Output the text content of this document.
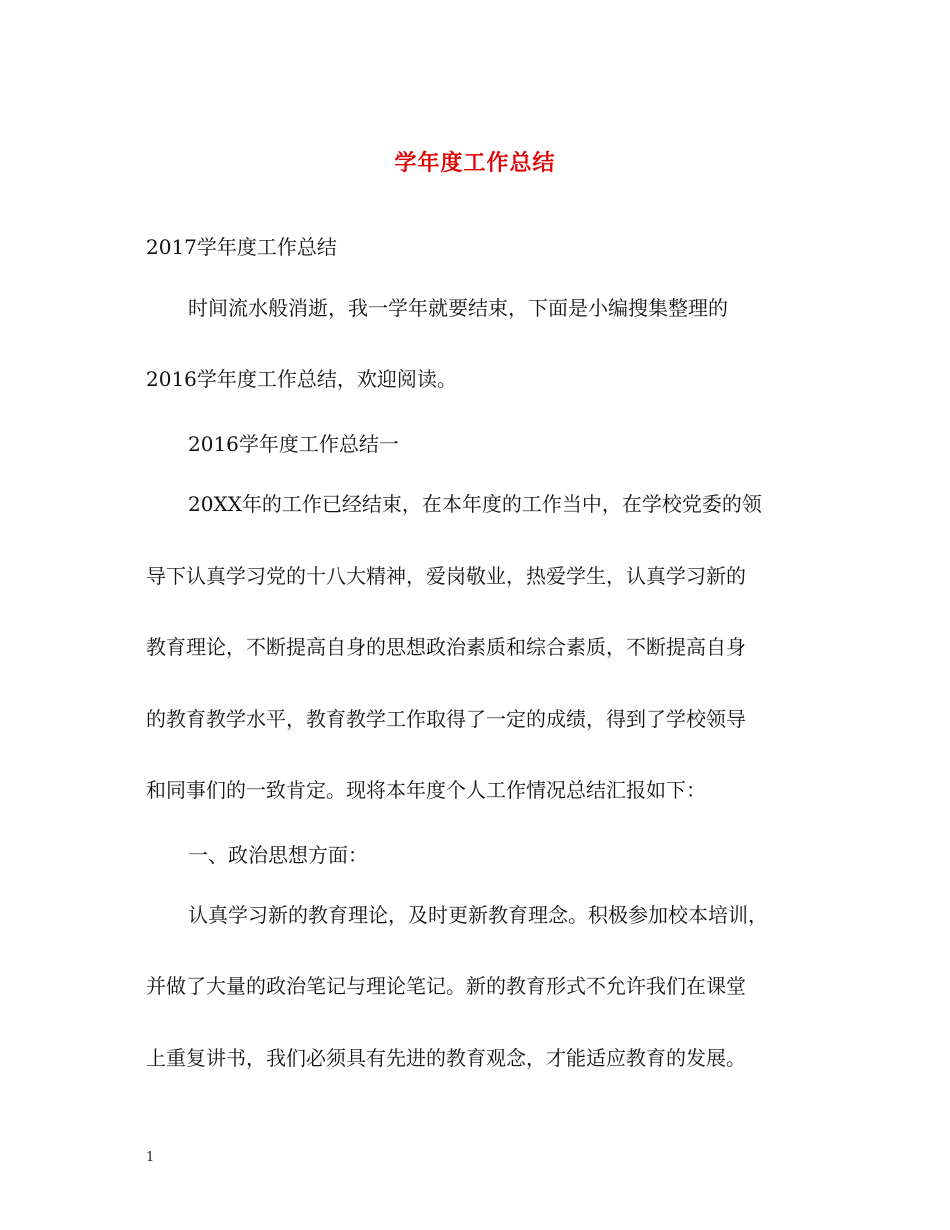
学年度工作总结
2017学年度工作总结
时间流水般消逝，我一学年就要结束，下面是小编搜集整理的
2016学年度工作总结，欢迎阅读。
2016学年度工作总结一
20XX年的工作已经结束，在本年度的工作当中，在学校党委的领
导下认真学习党的十八大精神，爱岗敬业，热爱学生，认真学习新的
教育理论，不断提高自身的思想政治素质和综合素质，不断提高自身
的教育教学水平，教育教学工作取得了一定的成绩，得到了学校领导
和同事们的一致肯定。现将本年度个人工作情况总结汇报如下：
一、政治思想方面：
认真学习新的教育理论，及时更新教育理念。积极参加校本培训，
并做了大量的政治笔记与理论笔记。新的教育形式不允许我们在课堂
上重复讲书，我们必须具有先进的教育观念，才能适应教育的发展。
1
